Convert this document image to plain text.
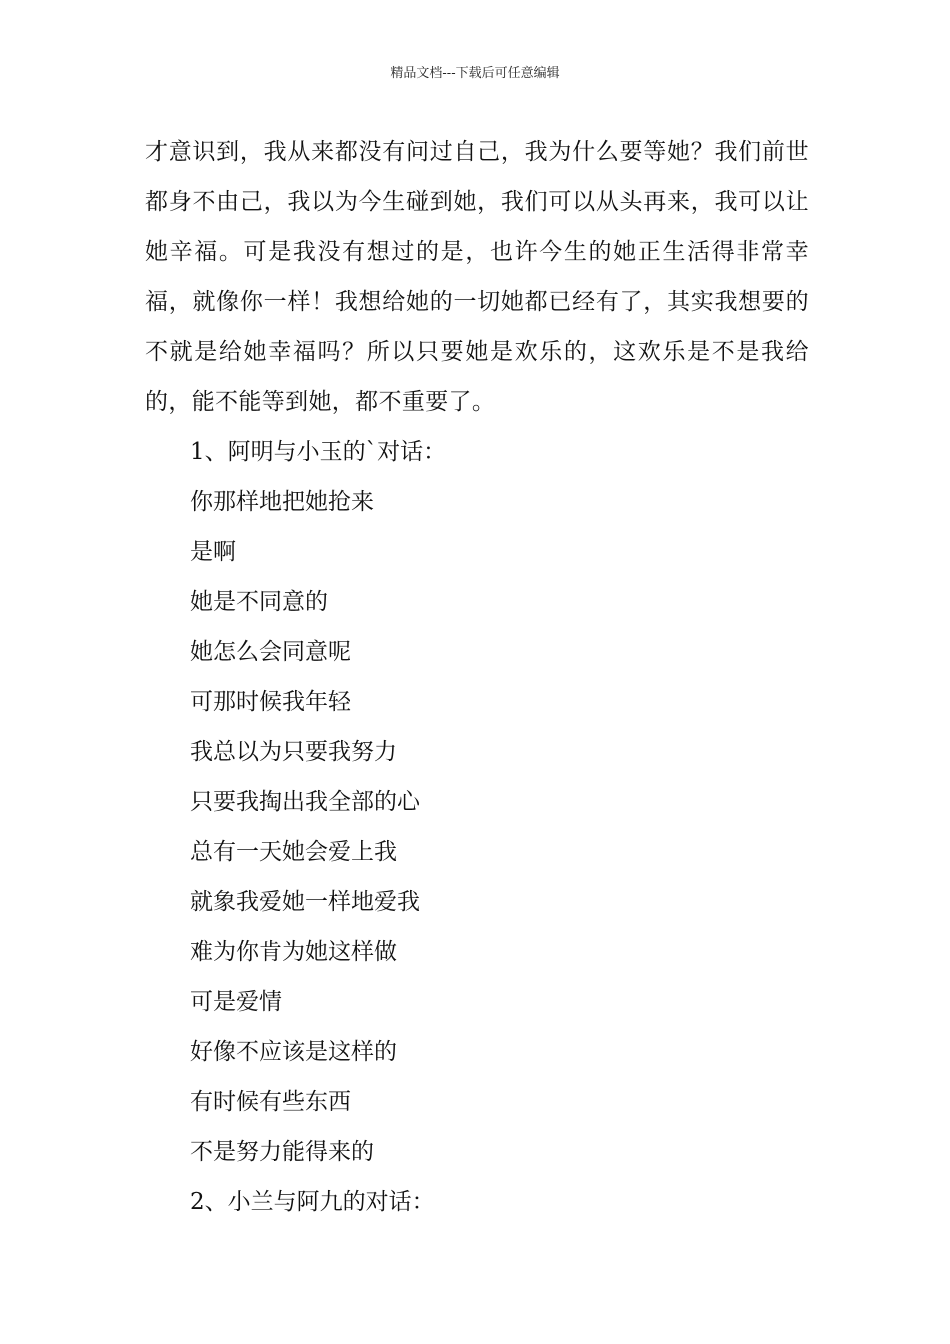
精品文档---下载后可任意编辑

才意识到，我从来都没有问过自己，我为什么要等她？我们前世都身不由己，我以为今生碰到她，我们可以从头再来，我可以让她辛福。可是我没有想过的是，也许今生的她正生活得非常幸福，就像你一样！我想给她的一切她都已经有了，其实我想要的不就是给她幸福吗？所以只要她是欢乐的，这欢乐是不是我给的，能不能等到她，都不重要了。

1、阿明与小玉的`对话：

你那样地把她抢来

是啊

她是不同意的

她怎么会同意呢

可那时候我年轻

我总以为只要我努力

只要我掏出我全部的心

总有一天她会爱上我

就象我爱她一样地爱我

难为你肯为她这样做

可是爱情

好像不应该是这样的

有时候有些东西

不是努力能得来的

2、小兰与阿九的对话：
